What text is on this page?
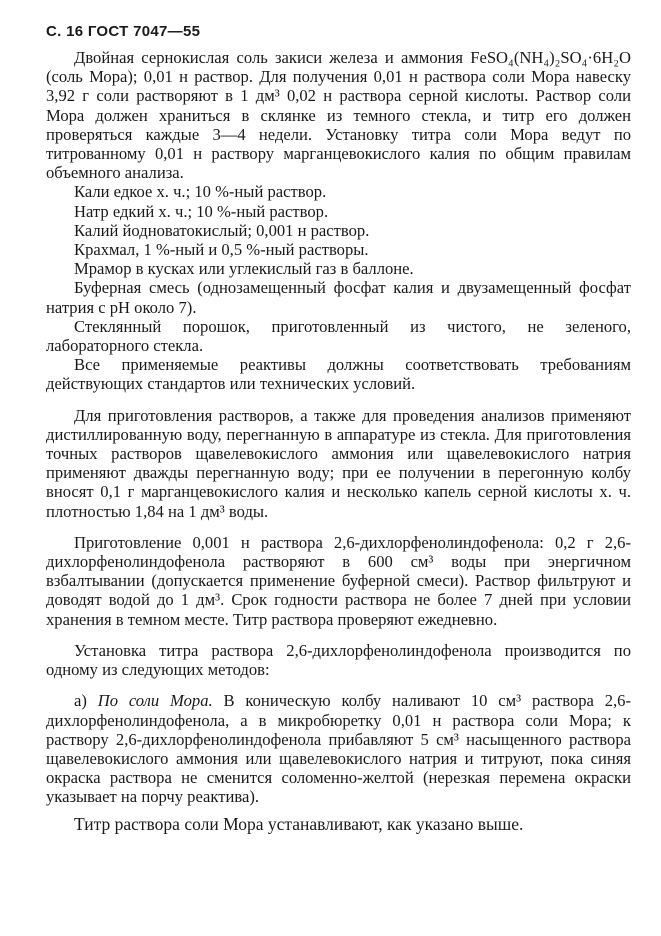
С. 16 ГОСТ 7047—55

Двойная сернокислая соль закиси железа и аммония FeSO₄(NH₄)₂SO₄·6H₂O (соль Мора); 0,01 н раствор. Для получения 0,01 н раствора соли Мора навеску 3,92 г соли растворяют в 1 дм³ 0,02 н раствора серной кислоты. Раствор соли Мора должен храниться в склянке из темного стекла, и титр его должен проверяться каждые 3—4 недели. Установку титра соли Мора ведут по титрованному 0,01 н раствору марганцевокислого калия по общим правилам объемного анализа.

Кали едкое х. ч.; 10 %-ный раствор.

Натр едкий х. ч.; 10 %-ный раствор.

Калий йодноватокислый; 0,001 н раствор.

Крахмал, 1 %-ный и 0,5 %-ный растворы.

Мрамор в кусках или углекислый газ в баллоне.

Буферная смесь (однозамещенный фосфат калия и двузамещенный фосфат натрия с pH около 7).

Стеклянный порошок, приготовленный из чистого, не зеленого, лабораторного стекла.

Все применяемые реактивы должны соответствовать требованиям действующих стандартов или технических условий.

Для приготовления растворов, а также для проведения анализов применяют дистиллированную воду, перегнанную в аппаратуре из стекла. Для приготовления точных растворов щавелевокислого аммония или щавелевокислого натрия применяют дважды перегнанную воду; при ее получении в перегонную колбу вносят 0,1 г марганцевокислого калия и несколько капель серной кислоты х. ч. плотностью 1,84 на 1 дм³ воды.

Приготовление 0,001 н раствора 2,6-дихлорфенолиндофенола: 0,2 г 2,6-дихлорфенолиндофенола растворяют в 600 см³ воды при энергичном взбалтывании (допускается применение буферной смеси). Раствор фильтруют и доводят водой до 1 дм³. Срок годности раствора не более 7 дней при условии хранения в темном месте. Титр раствора проверяют ежедневно.

Установка титра раствора 2,6-дихлорфенолиндофенола производится по одному из следующих методов:

а) По соли Мора. В коническую колбу наливают 10 см³ раствора 2,6-дихлорфенолиндофенола, а в микробюретку 0,01 н раствора соли Мора; к раствору 2,6-дихлорфенолиндофенола прибавляют 5 см³ насыщенного раствора щавелевокислого аммония или щавелевокислого натрия и титруют, пока синяя окраска раствора не сменится соломенно-желтой (нерезкая перемена окраски указывает на порчу реактива).

Титр раствора соли Мора устанавливают, как указано выше.
